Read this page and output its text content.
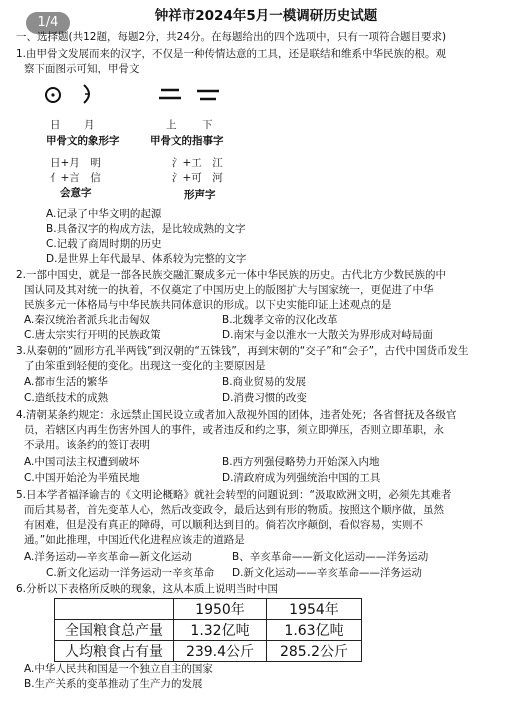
钟祥市2024年5月一模调研历史试题
1/4
一、选择题(共12题，每题2分，共24分。在每题给出的四个选项中，只有一项符合题目要求)
1.由甲骨文发展而来的汉字，不仅是一种传情达意的工具，还是联结和维系中华民族的根。观
察下面图示可知，甲骨文
日 月	上 下
甲骨文的象形字	甲骨文的指事字
日+月　明
亻+言　信
会意字
氵+工　江
氵+可　河
形声字
A.记录了中华文明的起源
B.具备汉字的构成方法，是比较成熟的文字
C.记载了商周时期的历史
D.是世界上年代最早、体系较为完整的文字
2.一部中国史，就是一部各民族交融汇聚成多元一体中华民族的历史。古代北方少数民族的中
国认同及其对统一的执着，不仅奠定了中国历史上的版图扩大与国家统一，更促进了中华
民族多元一体格局与中华民族共同体意识的形成。以下史实能印证上述观点的是
A.秦汉统治者派兵北击匈奴	B.北魏孝文帝的汉化改革
C.唐太宗实行开明的民族政策	D.南宋与金以淮水一大散关为界形成对峙局面
3.从秦朝的“圆形方孔半两钱”到汉朝的“五铢钱”，再到宋朝的“交子”和“会子”，古代中国货币发生
了由笨重到轻便的变化。出现这一变化的主要原因是
A.都市生活的繁华	B.商业贸易的发展
C.造纸技术的成熟	D.消费习惯的改变
4.清朝某条约规定：永远禁止国民设立或者加入敌视外国的团体，违者处死；各省督抚及各级官
员，若辖区内再生伤害外国人的事件，或者违反和约之事，须立即弹压，否则立即革职，永
不录用。该条约的签订表明
A.中国司法主权遭到破坏	B.西方列强侵略势力开始深入内地
C.中国开始沦为半殖民地	D.清政府成为列强统治中国的工具
5.日本学者福泽谕吉的《文明论概略》就社会转型的问题说到：“汲取欧洲文明，必须先其难者
而后其易者，首先变革人心，然后改变政令，最后达到有形的物质。按照这个顺序做，虽然
有困难，但是没有真正的障碍，可以顺利达到目的。倘若次序颠倒，看似容易，实则不
通。”如此推理，中国近代化进程应该走的道路是
A.洋务运动—辛亥革命—新文化运动	B、辛亥革命——新文化运动——洋务运动
C.新文化运动一洋务运动一辛亥革命 D.新文化运动——辛亥革命——洋务运动
6.分析以下表格所反映的现象，这从本质上说明当时中国
	1950年	1954年
全国粮食总产量	1.32亿吨	1.63亿吨
人均粮食占有量	239.4公斤	285.2公斤
A.中华人民共和国是一个独立自主的国家
B.生产关系的变革推动了生产力的发展
